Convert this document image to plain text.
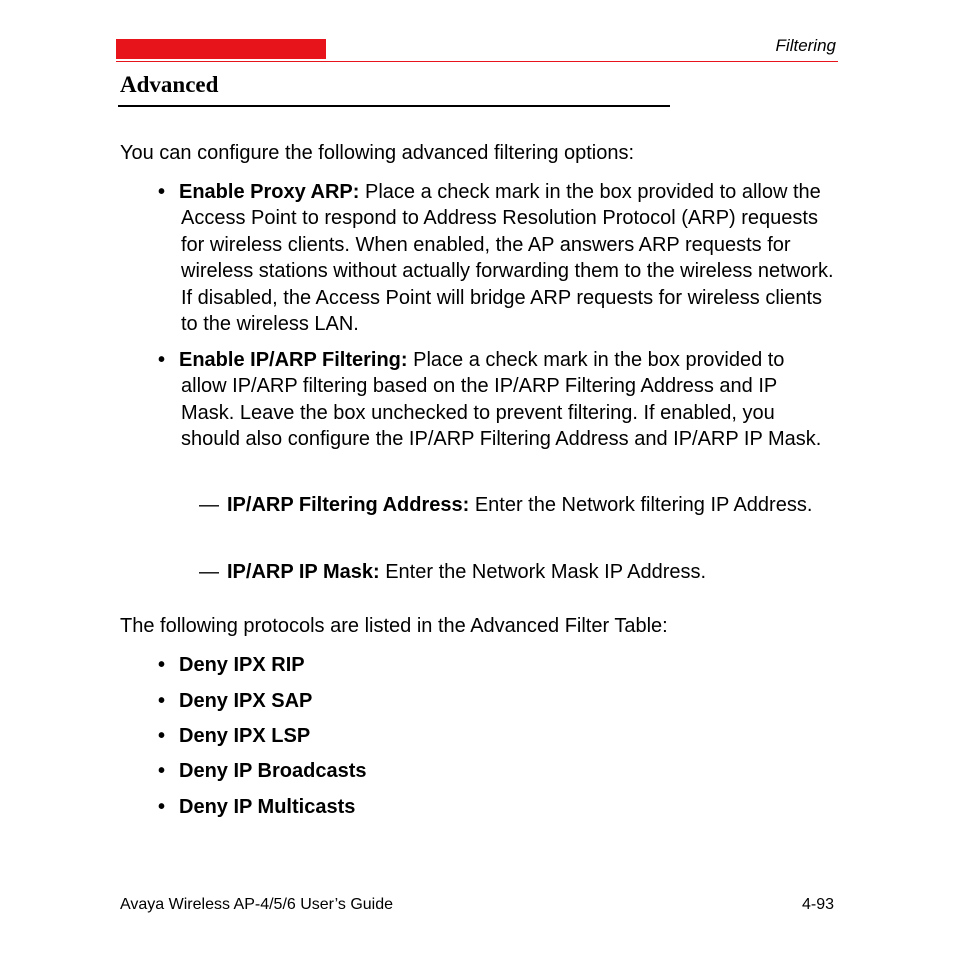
Filtering
Advanced
You can configure the following advanced filtering options:
• Enable Proxy ARP: Place a check mark in the box provided to allow the Access Point to respond to Address Resolution Protocol (ARP) requests for wireless clients. When enabled, the AP answers ARP requests for wireless stations without actually forwarding them to the wireless network. If disabled, the Access Point will bridge ARP requests for wireless clients to the wireless LAN.
• Enable IP/ARP Filtering: Place a check mark in the box provided to allow IP/ARP filtering based on the IP/ARP Filtering Address and IP Mask. Leave the box unchecked to prevent filtering. If enabled, you should also configure the IP/ARP Filtering Address and IP/ARP IP Mask.
— IP/ARP Filtering Address: Enter the Network filtering IP Address.
— IP/ARP IP Mask: Enter the Network Mask IP Address.
The following protocols are listed in the Advanced Filter Table:
• Deny IPX RIP
• Deny IPX SAP
• Deny IPX LSP
• Deny IP Broadcasts
• Deny IP Multicasts
Avaya Wireless AP-4/5/6 User’s Guide	4-93
